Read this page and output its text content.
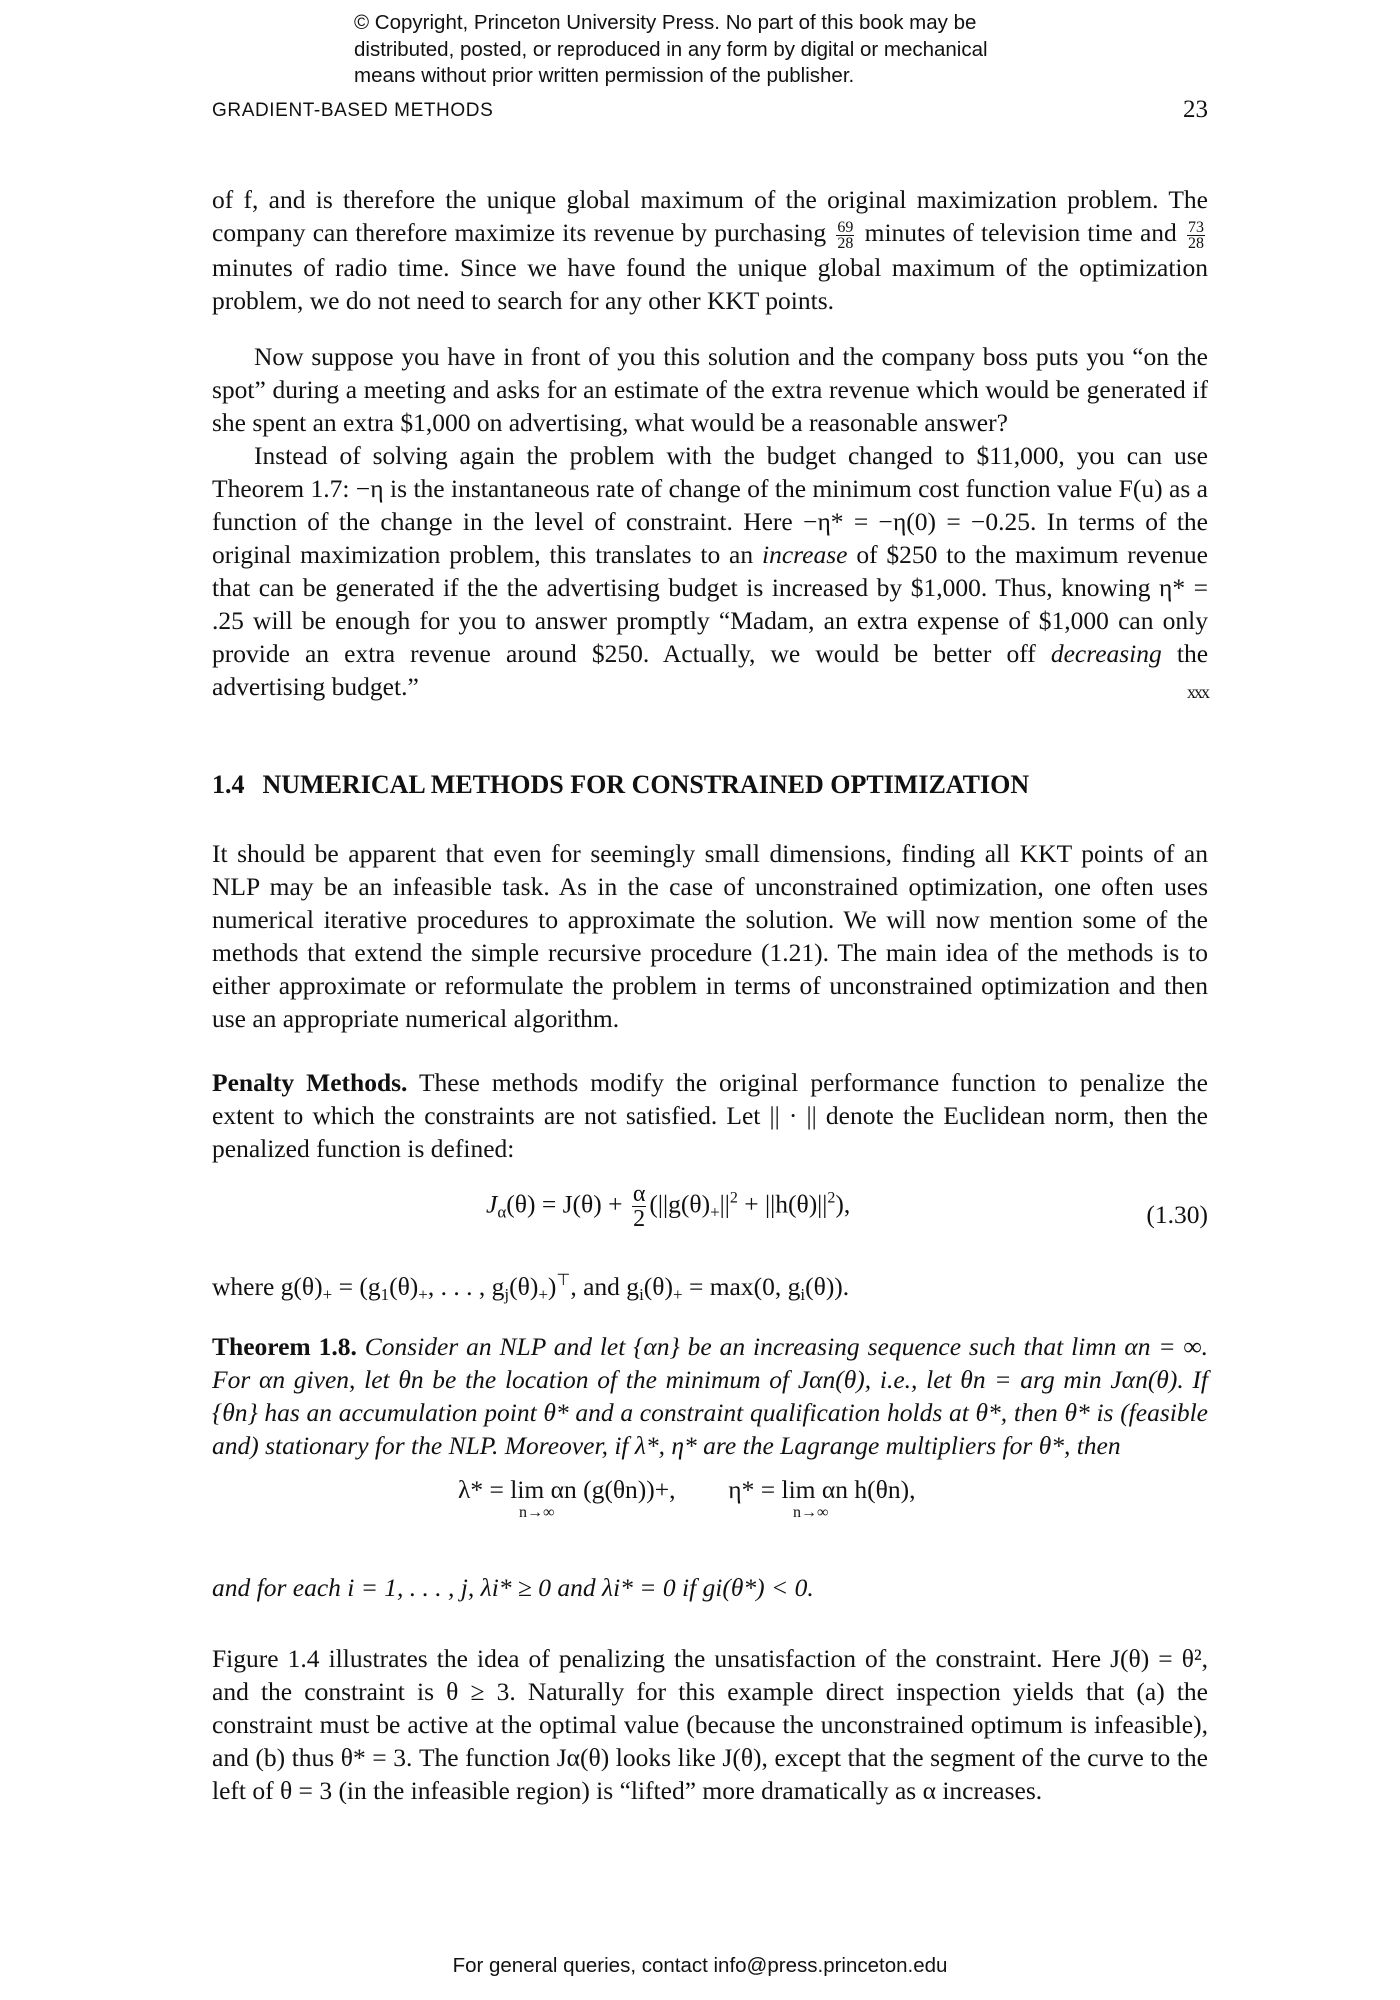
© Copyright, Princeton University Press. No part of this book may be
distributed, posted, or reproduced in any form by digital or mechanical
means without prior written permission of the publisher.
GRADIENT-BASED METHODS	23

of f, and is therefore the unique global maximum of the original maximization problem. The company can therefore maximize its revenue by purchasing $\frac{69}{28}$ minutes of television time and $\frac{73}{28}$
minutes of radio time. Since we have found the unique global maximum of the optimization problem, we do not need to search for any other KKT points.

Now suppose you have in front of you this solution and the company boss puts you “on the spot” during a meeting and asks for an estimate of the extra revenue which would be generated if she spent an extra $1,000 on advertising, what would be a reasonable answer?

Instead of solving again the problem with the budget changed to $11,000, you can use Theorem 1.7: −η is the instantaneous rate of change of the minimum cost function value F(u) as a function of the change in the level of constraint. Here −η* = −η(0) = −0.25. In terms of the original maximization problem, this translates to an increase of $250 to the maximum revenue that can be generated if the the advertising budget is increased by $1,000. Thus, knowing η* = .25 will be enough for you to answer promptly “Madam, an extra expense of $1,000 can only provide an extra revenue around $250. Actually, we would be better off decreasing the advertising budget.”	xxx

1.4 NUMERICAL METHODS FOR CONSTRAINED OPTIMIZATION
It should be apparent that even for seemingly small dimensions, finding all KKT points of an NLP may be an infeasible task. As in the case of unconstrained optimization, one often uses numerical iterative procedures to approximate the solution. We will now mention some of the methods that extend the simple recursive procedure (1.21). The main idea of the methods is to either approximate or reformulate the problem in terms of unconstrained optimization and then use an appropriate numerical algorithm.
Penalty Methods. These methods modify the original performance function to penalize the extent to which the constraints are not satisfied. Let || · || denote the Euclidean norm, then the penalized function is defined:
$J_\alpha(\theta) = J(\theta) + \frac{\alpha}{2} (||g(\theta)_+||^2 + ||h(\theta)||^2)$,	(1.30)
where $g(\theta)_+ = (g_1(\theta)_+$, . . . , $g_j(\theta)_+)^⊤$, and $g_i(\theta)_+ = \max(0$, $g_i(\theta)$).
Theorem 1.8. Consider an NLP and let {αn} be an increasing sequence such that limn αn = ∞. For αn given, let θn be the location of the minimum of Jαn(θ), i.e., let θn = arg min Jαn(θ). If {θn} has an accumulation point θ* and a constraint qualification holds at θ*, then θ* is (feasible and) stationary for the NLP. Moreover, if λ*, η* are the Lagrange multipliers for θ*, then
λ* = lim αn (g(θn))+, η* = lim αn h(θn),
n→∞	n→∞
and for each i = 1, . . . , j, λi* ≥ 0 and λi* = 0 if gi(θ*) < 0.
Figure 1.4 illustrates the idea of penalizing the unsatisfaction of the constraint. Here J(θ) = θ², and the constraint is θ ≥ 3. Naturally for this example direct inspection yields that (a) the constraint must be active at the optimal value (because the unconstrained optimum is infeasible), and (b) thus θ* = 3. The function Jα(θ) looks like J(θ), except that the segment of the curve to the left of θ = 3 (in the infeasible region) is “lifted” more dramatically as α increases.
For general queries, contact info@press.princeton.edu
